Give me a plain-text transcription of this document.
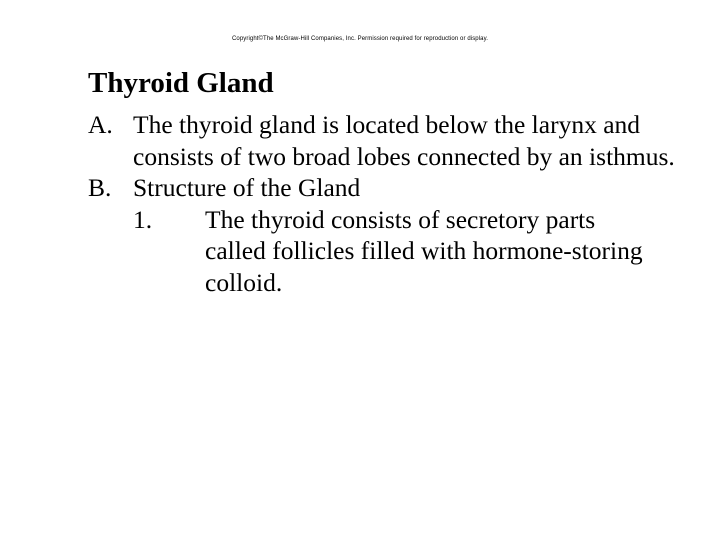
Copyright©The McGraw-Hill Companies, Inc. Permission required for reproduction or display.
Thyroid Gland
A. The thyroid gland is located below the larynx and consists of two broad lobes connected by an isthmus.
B. Structure of the Gland
1.	The thyroid consists of secretory parts called follicles filled with hormone-storing colloid.
